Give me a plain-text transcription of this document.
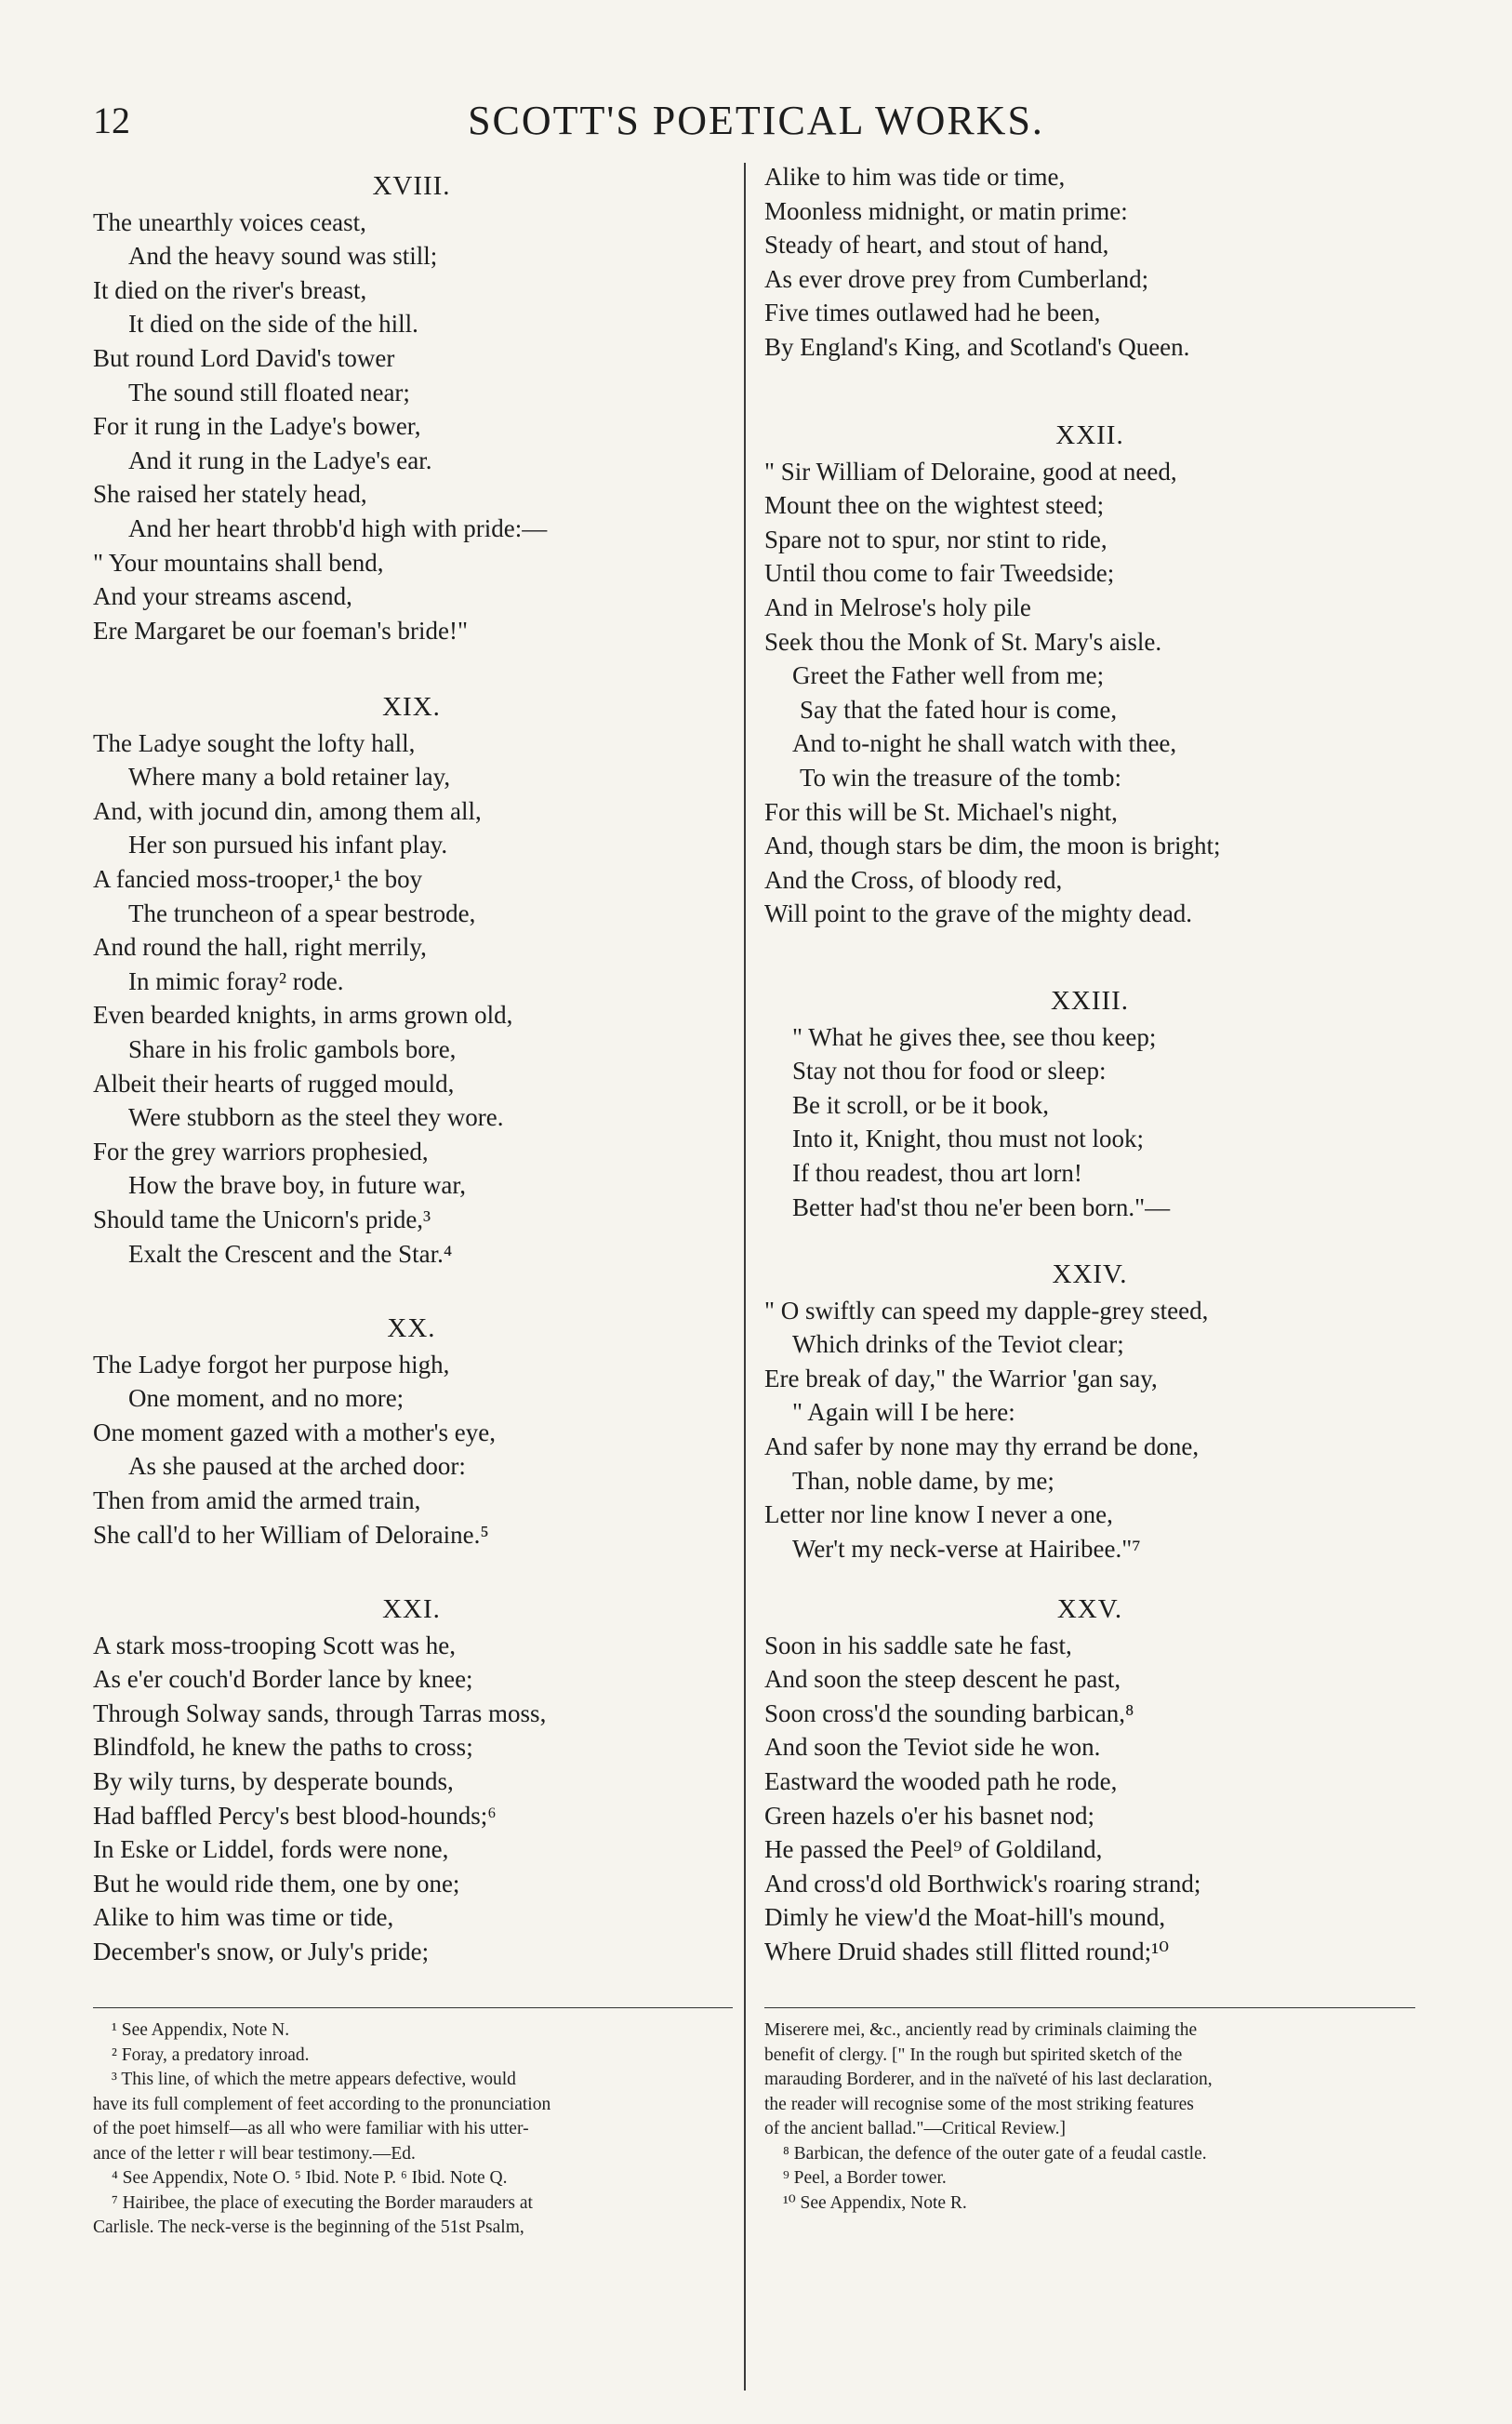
12	SCOTT'S POETICAL WORKS.
XVIII.
The unearthly voices ceast,
And the heavy sound was still;
It died on the river's breast,
It died on the side of the hill.
But round Lord David's tower
The sound still floated near;
For it rung in the Ladye's bower,
And it rung in the Ladye's ear.
She raised her stately head,
And her heart throbb'd high with pride:—
" Your mountains shall bend,
And your streams ascend,
Ere Margaret be our foeman's bride!"
XIX.
The Ladye sought the lofty hall,
Where many a bold retainer lay,
And, with jocund din, among them all,
Her son pursued his infant play.
A fancied moss-trooper,¹ the boy
The truncheon of a spear bestrode,
And round the hall, right merrily,
In mimic foray² rode.
Even bearded knights, in arms grown old,
Share in his frolic gambols bore,
Albeit their hearts of rugged mould,
Were stubborn as the steel they wore.
For the grey warriors prophesied,
How the brave boy, in future war,
Should tame the Unicorn's pride,³
Exalt the Crescent and the Star.⁴
XX.
The Ladye forgot her purpose high,
One moment, and no more;
One moment gazed with a mother's eye,
As she paused at the arched door:
Then from amid the armed train,
She call'd to her William of Deloraine.⁵
XXI.
A stark moss-trooping Scott was he,
As e'er couch'd Border lance by knee;
Through Solway sands, through Tarras moss,
Blindfold, he knew the paths to cross;
By wily turns, by desperate bounds,
Had baffled Percy's best blood-hounds;⁶
In Eske or Liddel, fords were none,
But he would ride them, one by one;
Alike to him was time or tide,
December's snow, or July's pride;
Alike to him was tide or time,
Moonless midnight, or matin prime:
Steady of heart, and stout of hand,
As ever drove prey from Cumberland;
Five times outlawed had he been,
By England's King, and Scotland's Queen.
XXII.
" Sir William of Deloraine, good at need,
Mount thee on the wightest steed;
Spare not to spur, nor stint to ride,
Until thou come to fair Tweedside;
And in Melrose's holy pile
Seek thou the Monk of St. Mary's aisle.
Greet the Father well from me;
Say that the fated hour is come,
And to-night he shall watch with thee,
To win the treasure of the tomb:
For this will be St. Michael's night,
And, though stars be dim, the moon is bright;
And the Cross, of bloody red,
Will point to the grave of the mighty dead.
XXIII.
" What he gives thee, see thou keep;
Stay not thou for food or sleep:
Be it scroll, or be it book,
Into it, Knight, thou must not look;
If thou readest, thou art lorn!
Better had'st thou ne'er been born."—
XXIV.
" O swiftly can speed my dapple-grey steed,
Which drinks of the Teviot clear;
Ere break of day," the Warrior 'gan say,
" Again will I be here:
And safer by none may thy errand be done,
Than, noble dame, by me;
Letter nor line know I never a one,
Wer't my neck-verse at Hairibee."⁷
XXV.
Soon in his saddle sate he fast,
And soon the steep descent he past,
Soon cross'd the sounding barbican,⁸
And soon the Teviot side he won.
Eastward the wooded path he rode,
Green hazels o'er his basnet nod;
He passed the Peel⁹ of Goldiland,
And cross'd old Borthwick's roaring strand;
Dimly he view'd the Moat-hill's mound,
Where Druid shades still flitted round;¹⁰
¹ See Appendix, Note N.
² Foray, a predatory inroad.
³ This line, of which the metre appears defective, would
have its full complement of feet according to the pronunciation
of the poet himself—as all who were familiar with his utter-
ance of the letter r will bear testimony.—Ed.
⁴ See Appendix, Note O. ⁵ Ibid. Note P. ⁶ Ibid. Note Q.
⁷ Hairibee, the place of executing the Border marauders at
Carlisle. The neck-verse is the beginning of the 51st Psalm,
Miserere mei, &c., anciently read by criminals claiming the
benefit of clergy. [" In the rough but spirited sketch of the
marauding Borderer, and in the naïveté of his last declaration,
the reader will recognise some of the most striking features
of the ancient ballad."—Critical Review.]
⁸ Barbican, the defence of the outer gate of a feudal castle.
⁹ Peel, a Border tower.
¹⁰ See Appendix, Note R.
